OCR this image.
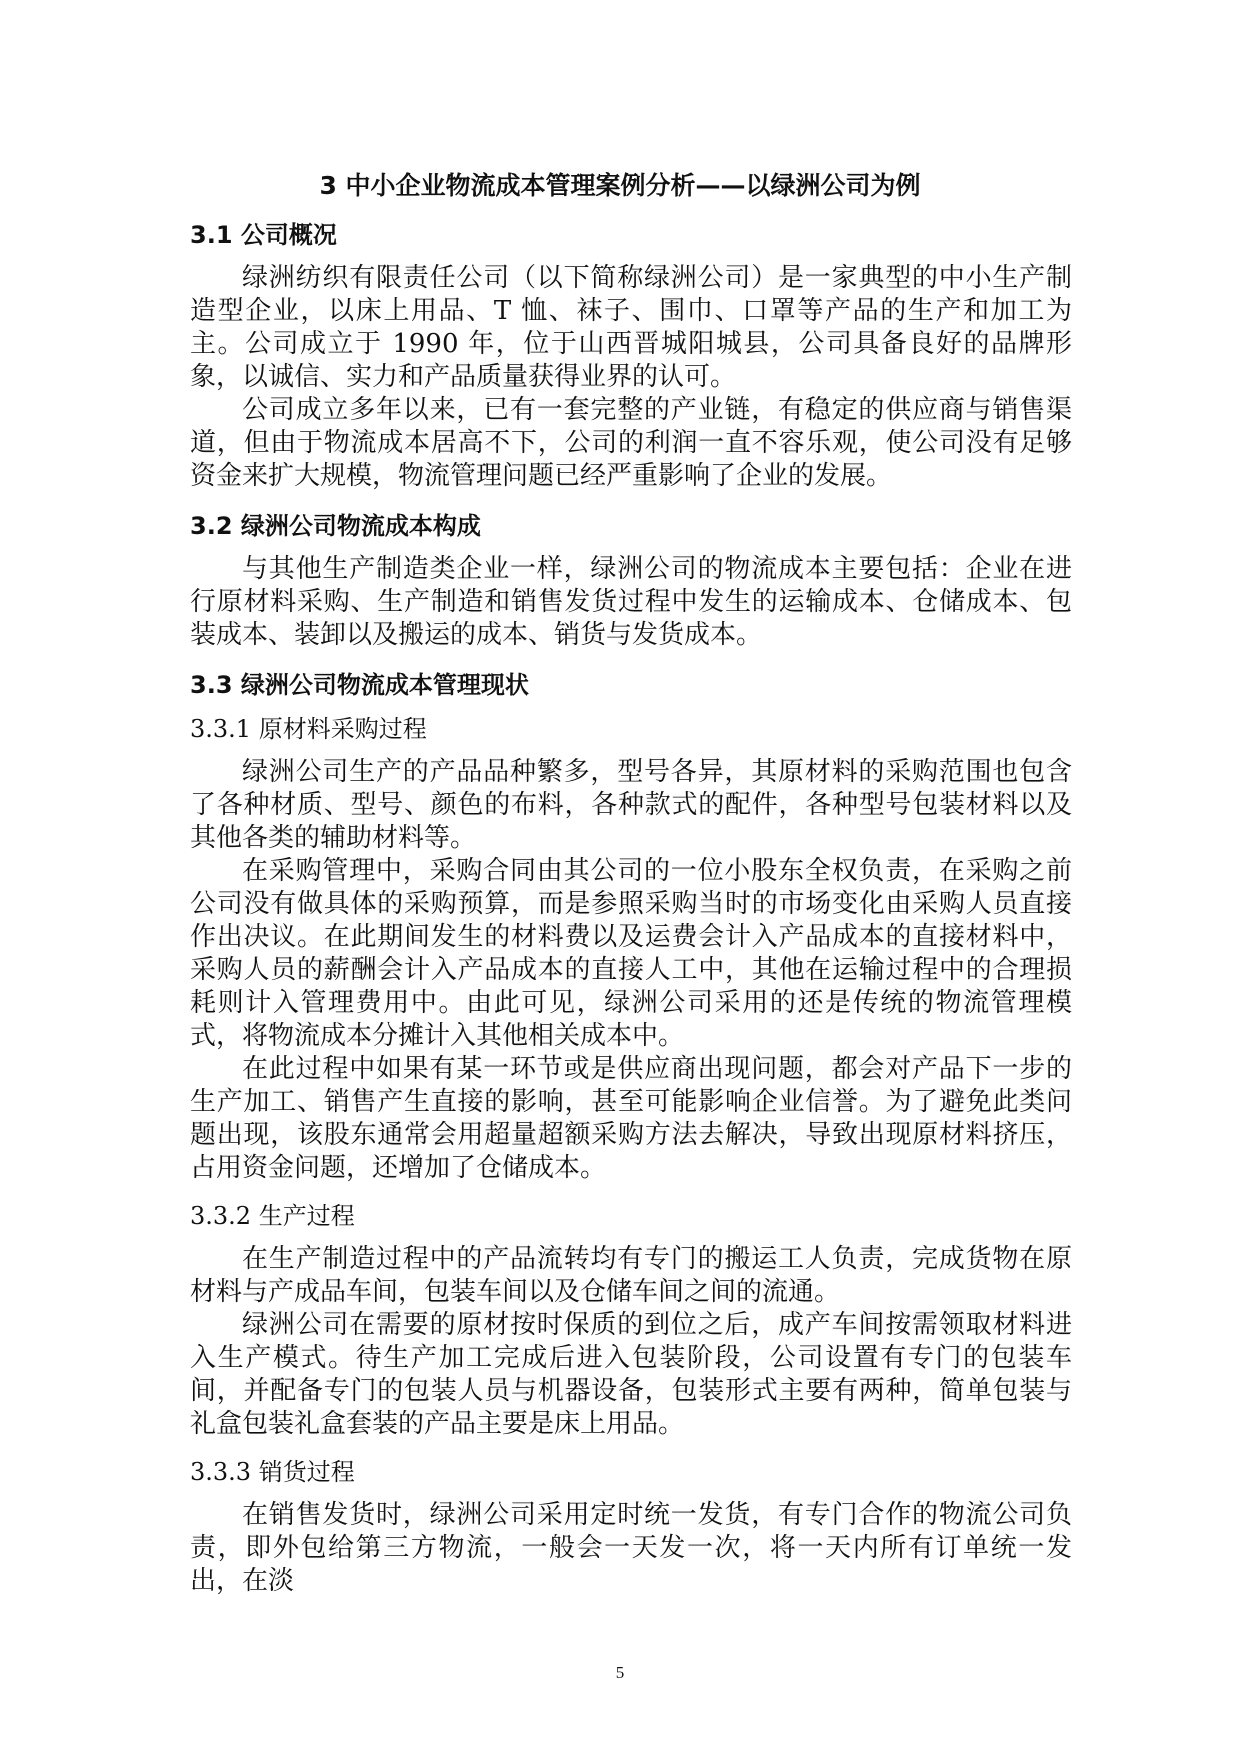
3 中小企业物流成本管理案例分析——以绿洲公司为例
3.1 公司概况
绿洲纺织有限责任公司（以下简称绿洲公司）是一家典型的中小生产制造型企业，以床上用品、T 恤、袜子、围巾、口罩等产品的生产和加工为主。公司成立于 1990 年，位于山西晋城阳城县，公司具备良好的品牌形象，以诚信、实力和产品质量获得业界的认可。
公司成立多年以来，已有一套完整的产业链，有稳定的供应商与销售渠道，但由于物流成本居高不下，公司的利润一直不容乐观，使公司没有足够资金来扩大规模，物流管理问题已经严重影响了企业的发展。
3.2 绿洲公司物流成本构成
与其他生产制造类企业一样，绿洲公司的物流成本主要包括：企业在进行原材料采购、生产制造和销售发货过程中发生的运输成本、仓储成本、包装成本、装卸以及搬运的成本、销货与发货成本。
3.3 绿洲公司物流成本管理现状
3.3.1 原材料采购过程
绿洲公司生产的产品品种繁多，型号各异，其原材料的采购范围也包含了各种材质、型号、颜色的布料，各种款式的配件，各种型号包装材料以及其他各类的辅助材料等。
在采购管理中，采购合同由其公司的一位小股东全权负责，在采购之前公司没有做具体的采购预算，而是参照采购当时的市场变化由采购人员直接作出决议。在此期间发生的材料费以及运费会计入产品成本的直接材料中，采购人员的薪酬会计入产品成本的直接人工中，其他在运输过程中的合理损耗则计入管理费用中。由此可见，绿洲公司采用的还是传统的物流管理模式，将物流成本分摊计入其他相关成本中。
在此过程中如果有某一环节或是供应商出现问题，都会对产品下一步的生产加工、销售产生直接的影响，甚至可能影响企业信誉。为了避免此类问题出现，该股东通常会用超量超额采购方法去解决，导致出现原材料挤压，占用资金问题，还增加了仓储成本。
3.3.2 生产过程
在生产制造过程中的产品流转均有专门的搬运工人负责，完成货物在原材料与产成品车间，包装车间以及仓储车间之间的流通。
绿洲公司在需要的原材按时保质的到位之后，成产车间按需领取材料进入生产模式。待生产加工完成后进入包装阶段，公司设置有专门的包装车间，并配备专门的包装人员与机器设备，包装形式主要有两种，简单包装与礼盒包装礼盒套装的产品主要是床上用品。
3.3.3 销货过程
在销售发货时，绿洲公司采用定时统一发货，有专门合作的物流公司负责，即外包给第三方物流，一般会一天发一次，将一天内所有订单统一发出，在淡
5
